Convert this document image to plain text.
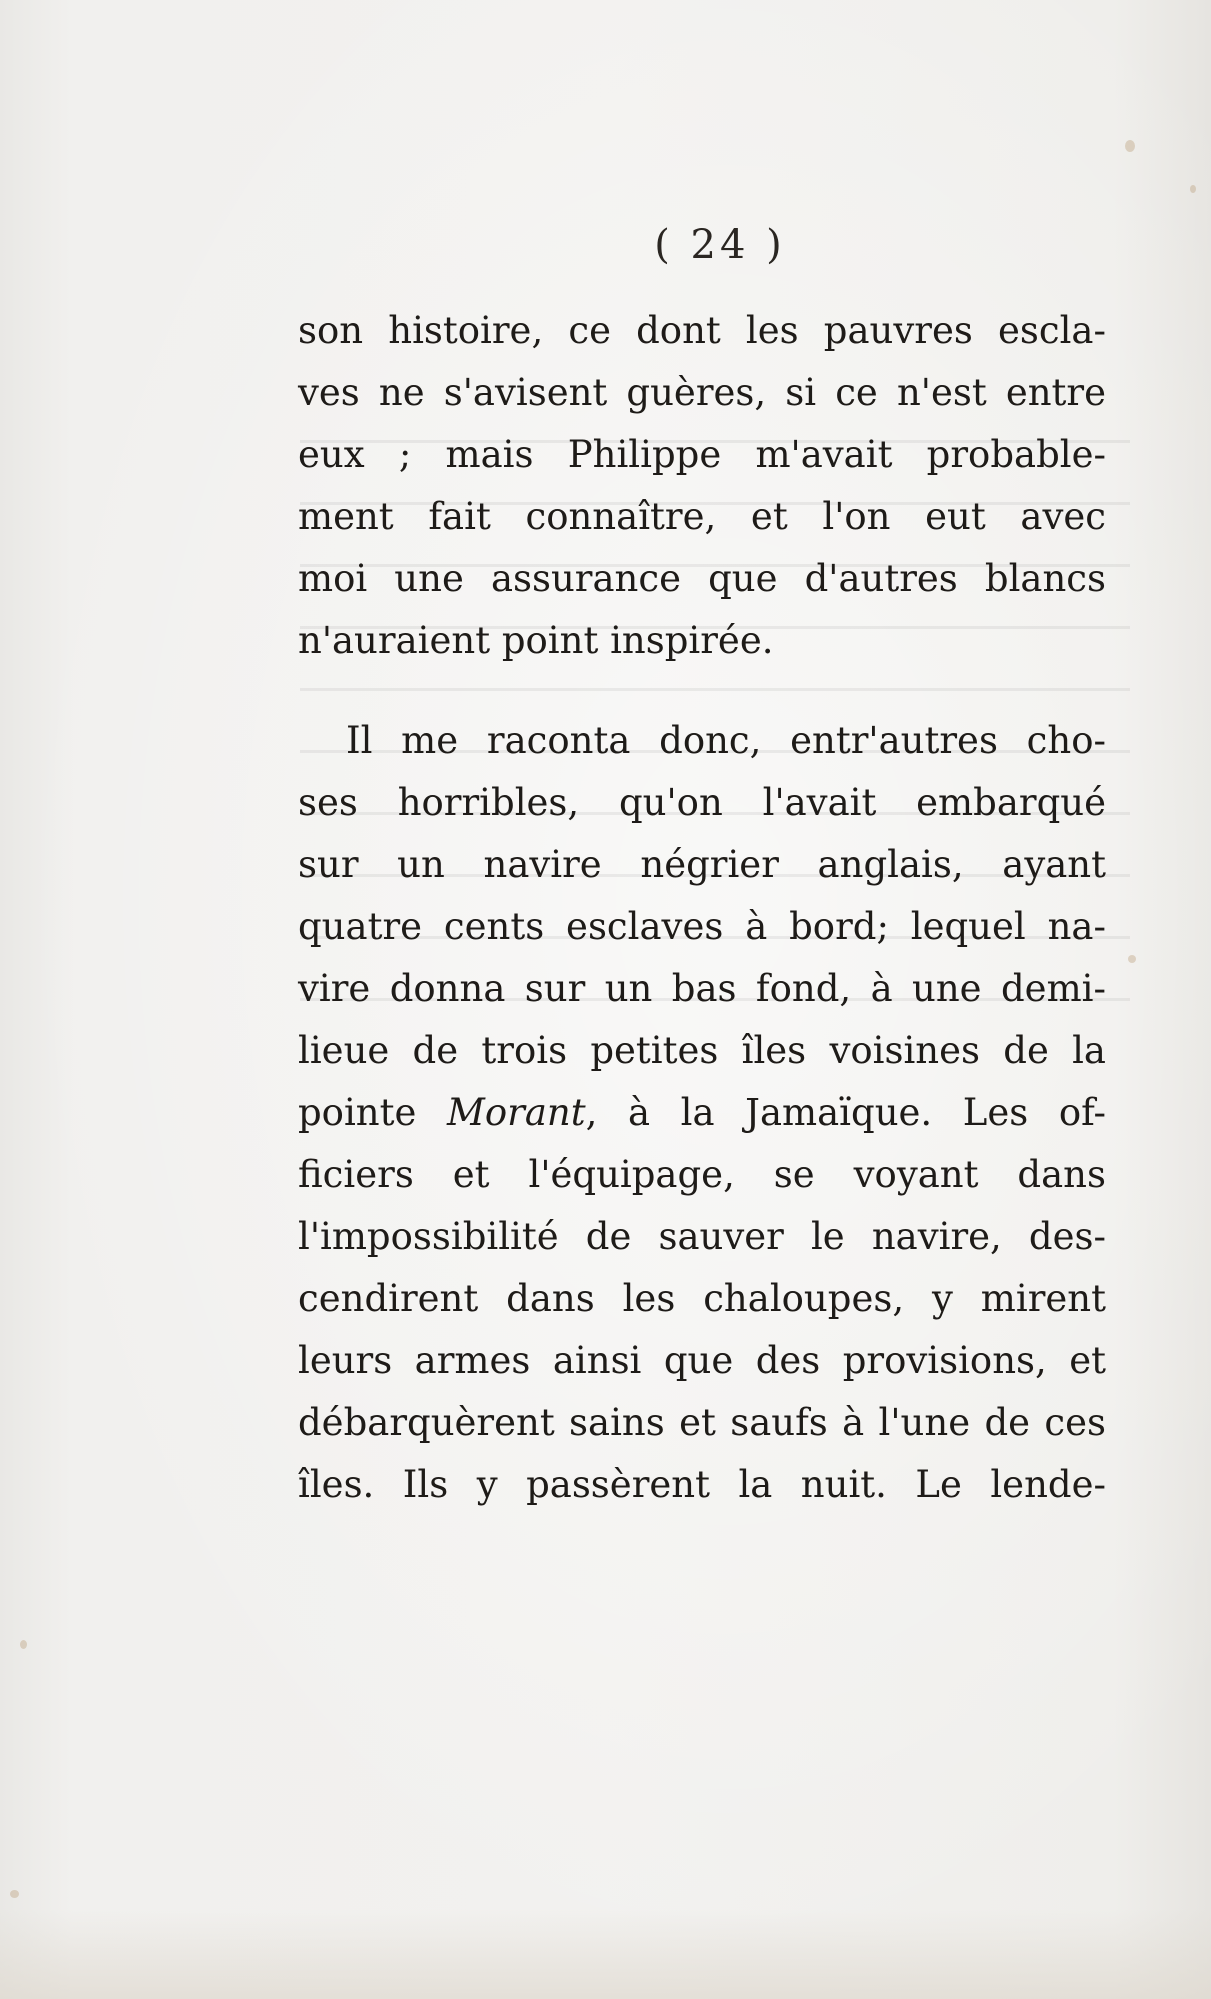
( 24 )
son histoire, ce dont les pauvres escla-
ves ne s'avisent guères, si ce n'est entre
eux ; mais Philippe m'avait probable-
ment fait connaître, et l'on eut avec
moi une assurance que d'autres blancs
n'auraient point inspirée.
Il me raconta donc, entr'autres cho-
ses horribles, qu'on l'avait embarqué
sur un navire négrier anglais, ayant
quatre cents esclaves à bord; lequel na-
vire donna sur un bas fond, à une demi-
lieue de trois petites îles voisines de la
pointe Morant, à la Jamaïque. Les of-
ficiers et l'équipage, se voyant dans
l'impossibilité de sauver le navire, des-
cendirent dans les chaloupes, y mirent
leurs armes ainsi que des provisions, et
débarquèrent sains et saufs à l'une de ces
îles. Ils y passèrent la nuit. Le lende-
